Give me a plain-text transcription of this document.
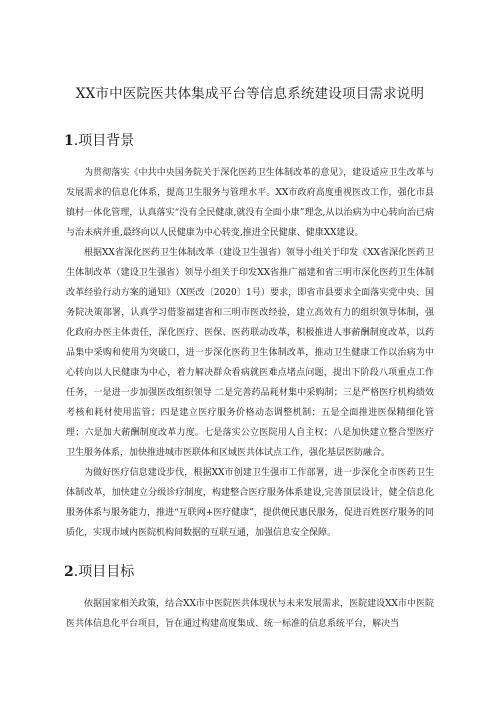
XX市中医院医共体集成平台等信息系统建设项目需求说明
1.项目背景

为贯彻落实《中共中央国务院关于深化医药卫生体制改革的意见》，建设适应卫生改革与发展需求的信息化体系，提高卫生服务与管理水平。XX市政府高度重视医改工作，强化市县镇村一体化管理，认真落实“没有全民健康,就没有全面小康”理念,从以治病为中心转向治已病与治未病并重,最终向以人民健康为中心转变,推进全民健康、健康XX建设。

根据XX省深化医药卫生体制改革（建设卫生强省）领导小组关于印发《XX省深化医药卫生体制改革（建设卫生强省）领导小组关于印发XX省推广福建和省三明市深化医药卫生体制改革经验行动方案的通知》（X医改〔2020〕1号）要求，即省市县要求全面落实党中央、国务院决策部署，认真学习借鉴福建省和三明市医改经验，建立高效有力的组织领导体制，强化政府办医主体责任，深化医疗、医保、医药联动改革，积极推进人事薪酬制度改革，以药品集中采购和使用为突破口，进一步深化医药卫生体制改革，推动卫生健康工作以治病为中心转向以人民健康为中心，着力解决群众看病就医难点堵点问题，提出下阶段八项重点工作任务，一是进一步加强医改组织领导 二是完善药品耗材集中采购制；三是严格医疗机构绩效考核和耗材使用监管；四是建立医疗服务价格动态调整机制；五是全面推进医保精细化管理；六是加大薪酬制度改革力度。七是落实公立医院用人自主权；八是加快建立整合型医疗卫生服务体系，加快推进城市医联体和区域医共体试点工作，强化基层医防融合。

为做好医疗信息建设步伐，根据XX市创建卫生强市工作部署，进一步深化全市医药卫生体制改革，加快建立分级诊疗制度，构建整合医疗服务体系建设,完善顶层设计，健全信息化服务体系与服务能力，推进“互联网+医疗健康”，提供便民惠民服务，促进百姓医疗服务的同质化，实现市域内医院机构间数据的互联互通，加强信息安全保障。

2.项目目标

依据国家相关政策，结合XX市中医院医共体现状与未来发展需求，医院建设XX市中医院医共体信息化平台项目，旨在通过构建高度集成、统一标准的信息系统平台，解决当
